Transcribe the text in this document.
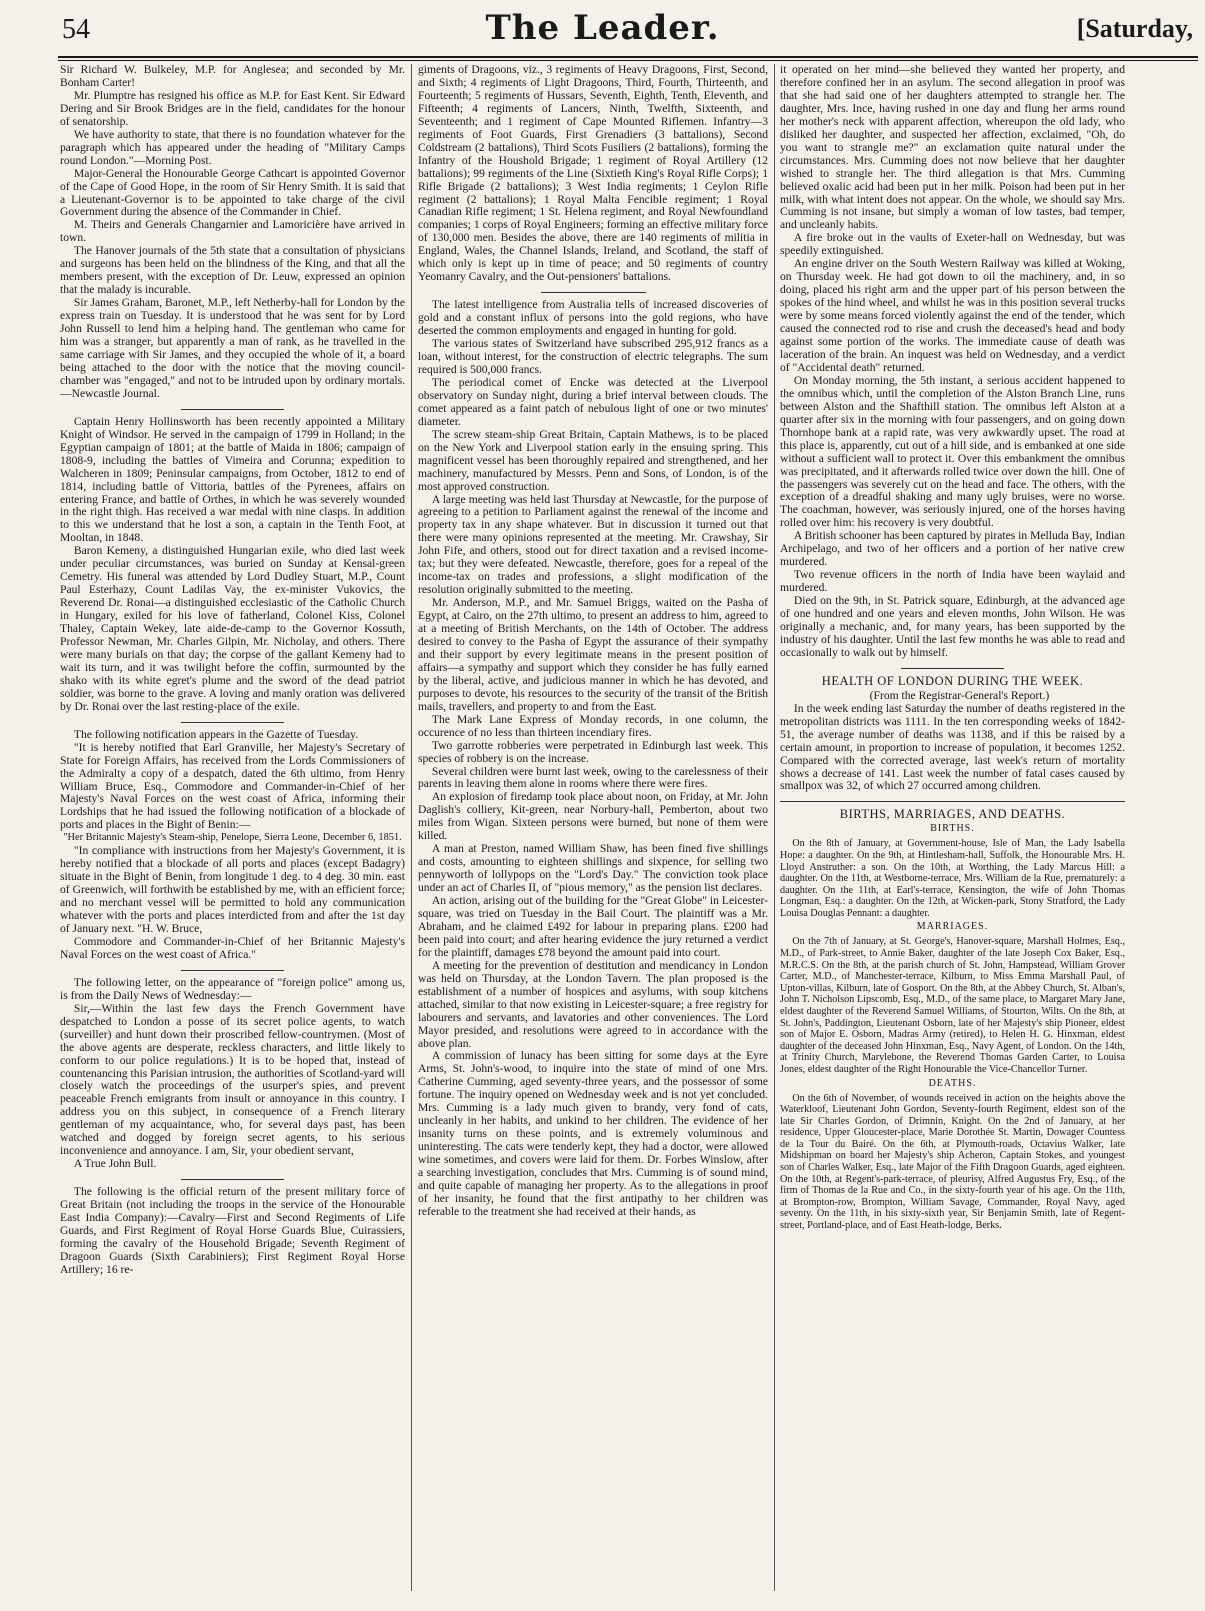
54	The Leader.	[Saturday,

Sir Richard W. Bulkeley, M.P. for Anglesea; and seconded by Mr. Bonham Carter!

Mr. Plumptre has resigned his office as M.P. for East Kent. Sir Edward Dering and Sir Brook Bridges are in the field, candidates for the honour of senatorship.

We have authority to state, that there is no foundation whatever for the paragraph which has appeared under the heading of "Military Camps round London."—Morning Post.

Major-General the Honourable George Cathcart is appointed Governor of the Cape of Good Hope, in the room of Sir Henry Smith. It is said that a Lieutenant-Governor is to be appointed to take charge of the civil Government during the absence of the Commander in Chief.

M. Theirs and Generals Changarnier and Lamoricière have arrived in town.

The Hanover journals of the 5th state that a consultation of physicians and surgeons has been held on the blindness of the King, and that all the members present, with the exception of Dr. Leuw, expressed an opinion that the malady is incurable.

Sir James Graham, Baronet, M.P., left Netherby-hall for London by the express train on Tuesday. It is understood that he was sent for by Lord John Russell to lend him a helping hand. The gentleman who came for him was a stranger, but apparently a man of rank, as he travelled in the same carriage with Sir James, and they occupied the whole of it, a board being attached to the door with the notice that the moving council-chamber was "engaged," and not to be intruded upon by ordinary mortals.—Newcastle Journal.

Captain Henry Hollinsworth has been recently appointed a Military Knight of Windsor. He served in the campaign of 1799 in Holland; in the Egyptian campaign of 1801; at the battle of Maida in 1806; campaign of 1808-9, including the battles of Vimeira and Corunna; expedition to Walcheren in 1809; Peninsular campaigns, from October, 1812 to end of 1814, including battle of Vittoria, battles of the Pyrenees, affairs on entering France, and battle of Orthes, in which he was severely wounded in the right thigh. Has received a war medal with nine clasps. In addition to this we understand that he lost a son, a captain in the Tenth Foot, at Mooltan, in 1848.

Baron Kemeny, a distinguished Hungarian exile, who died last week under peculiar circumstances, was buried on Sunday at Kensal-green Cemetry. His funeral was attended by Lord Dudley Stuart, M.P., Count Paul Esterhazy, Count Ladilas Vay, the ex-minister Vukovics, the Reverend Dr. Ronai—a distinguished ecclesiastic of the Catholic Church in Hungary, exiled for his love of fatherland, Colonel Kiss, Colonel Thaley, Captain Wekey, late aide-de-camp to the Governor Kossuth, Professor Newman, Mr. Charles Gilpin, Mr. Nicholay, and others. There were many burials on that day; the corpse of the gallant Kemeny had to wait its turn, and it was twilight before the coffin, surmounted by the shako with its white egret's plume and the sword of the dead patriot soldier, was borne to the grave. A loving and manly oration was delivered by Dr. Ronai over the last resting-place of the exile.

The following notification appears in the Gazette of Tuesday.

"It is hereby notified that Earl Granville, her Majesty's Secretary of State for Foreign Affairs, has received from the Lords Commissioners of the Admiralty a copy of a despatch, dated the 6th ultimo, from Henry William Bruce, Esq., Commodore and Commander-in-Chief of her Majesty's Naval Forces on the west coast of Africa, informing their Lordships that he had issued the following notification of a blockade of ports and places in the Bight of Benin:—

"Her Britannic Majesty's Steam-ship, Penelope, Sierra Leone, December 6, 1851.

"In compliance with instructions from her Majesty's Government, it is hereby notified that a blockade of all ports and places (except Badagry) situate in the Bight of Benin, from longitude 1 deg. to 4 deg. 30 min. east of Greenwich, will forthwith be established by me, with an efficient force; and no merchant vessel will be permitted to hold any communication whatever with the ports and places interdicted from and after the 1st day of January next. "H. W. Bruce,

Commodore and Commander-in-Chief of her Britannic Majesty's Naval Forces on the west coast of Africa."

The following letter, on the appearance of "foreign police" among us, is from the Daily News of Wednesday:—

Sir,—Within the last few days the French Government have despatched to London a posse of its secret police agents, to watch (surveiller) and hunt down their proscribed fellow-countrymen. (Most of the above agents are desperate, reckless characters, and little likely to conform to our police regulations.) It is to be hoped that, instead of countenancing this Parisian intrusion, the authorities of Scotland-yard will closely watch the proceedings of the usurper's spies, and prevent peaceable French emigrants from insult or annoyance in this country. I address you on this subject, in consequence of a French literary gentleman of my acquaintance, who, for several days past, has been watched and dogged by foreign secret agents, to his serious inconvenience and annoyance. I am, Sir, your obedient servant,

A True John Bull.

The following is the official return of the present military force of Great Britain (not including the troops in the service of the Honourable East India Company):—Cavalry—First and Second Regiments of Life Guards, and First Regiment of Royal Horse Guards Blue, Cuirassiers, forming the cavalry of the Household Brigade; Seventh Regiment of Dragoon Guards (Sixth Carabiniers); First Regiment Royal Horse Artillery; 16 re-

giments of Dragoons, viz., 3 regiments of Heavy Dragoons, First, Second, and Sixth; 4 regiments of Light Dragoons, Third, Fourth, Thirteenth, and Fourteenth; 5 regiments of Hussars, Seventh, Eighth, Tenth, Eleventh, and Fifteenth; 4 regiments of Lancers, Ninth, Twelfth, Sixteenth, and Seventeenth; and 1 regiment of Cape Mounted Riflemen. Infantry—3 regiments of Foot Guards, First Grenadiers (3 battalions), Second Coldstream (2 battalions), Third Scots Fusiliers (2 battalions), forming the Infantry of the Houshold Brigade; 1 regiment of Royal Artillery (12 battalions); 99 regiments of the Line (Sixtieth King's Royal Rifle Corps); 1 Rifle Brigade (2 battalions); 3 West India regiments; 1 Ceylon Rifle regiment (2 battalions); 1 Royal Malta Fencible regiment; 1 Royal Canadian Rifle regiment; 1 St. Helena regiment, and Royal Newfoundland companies; 1 corps of Royal Engineers; forming an effective military force of 130,000 men. Besides the above, there are 140 regiments of militia in England, Wales, the Channel Islands, Ireland, and Scotland, the staff of which only is kept up in time of peace; and 50 regiments of country Yeomanry Cavalry, and the Out-pensioners' battalions.

The latest intelligence from Australia tells of increased discoveries of gold and a constant influx of persons into the gold regions, who have deserted the common employments and engaged in hunting for gold.

The various states of Switzerland have subscribed 295,912 francs as a loan, without interest, for the construction of electric telegraphs. The sum required is 500,000 francs.

The periodical comet of Encke was detected at the Liverpool observatory on Sunday night, during a brief interval between clouds. The comet appeared as a faint patch of nebulous light of one or two minutes' diameter.

The screw steam-ship Great Britain, Captain Mathews, is to be placed on the New York and Liverpool station early in the ensuing spring. This magnificent vessel has been thoroughly repaired and strengthened, and her machinery, manufactured by Messrs. Penn and Sons, of London, is of the most approved construction.

A large meeting was held last Thursday at Newcastle, for the purpose of agreeing to a petition to Parliament against the renewal of the income and property tax in any shape whatever. But in discussion it turned out that there were many opinions represented at the meeting. Mr. Crawshay, Sir John Fife, and others, stood out for direct taxation and a revised income-tax; but they were defeated. Newcastle, therefore, goes for a repeal of the income-tax on trades and professions, a slight modification of the resolution originally submitted to the meeting.

Mr. Anderson, M.P., and Mr. Samuel Briggs, waited on the Pasha of Egypt, at Cairo, on the 27th ultimo, to present an address to him, agreed to at a meeting of British Merchants, on the 14th of October. The address desired to convey to the Pasha of Egypt the assurance of their sympathy and their support by every legitimate means in the present position of affairs—a sympathy and support which they consider he has fully earned by the liberal, active, and judicious manner in which he has devoted, and purposes to devote, his resources to the security of the transit of the British mails, travellers, and property to and from the East.

The Mark Lane Express of Monday records, in one column, the occurence of no less than thirteen incendiary fires.

Two garrotte robberies were perpetrated in Edinburgh last week. This species of robbery is on the increase.

Several children were burnt last week, owing to the carelessness of their parents in leaving them alone in rooms where there were fires.

An explosion of firedamp took place about noon, on Friday, at Mr. John Daglish's colliery, Kit-green, near Norbury-hall, Pemberton, about two miles from Wigan. Sixteen persons were burned, but none of them were killed.

A man at Preston, named William Shaw, has been fined five shillings and costs, amounting to eighteen shillings and sixpence, for selling two pennyworth of lollypops on the "Lord's Day." The conviction took place under an act of Charles II, of "pious memory," as the pension list declares.

An action, arising out of the building for the "Great Globe" in Leicester-square, was tried on Tuesday in the Bail Court. The plaintiff was a Mr. Abraham, and he claimed £492 for labour in preparing plans. £200 had been paid into court; and after hearing evidence the jury returned a verdict for the plaintiff, damages £78 beyond the amount paid into court.

A meeting for the prevention of destitution and mendicancy in London was held on Thursday, at the London Tavern. The plan proposed is the establishment of a number of hospices and asylums, with soup kitchens attached, similar to that now existing in Leicester-square; a free registry for labourers and servants, and lavatories and other conveniences. The Lord Mayor presided, and resolutions were agreed to in accordance with the above plan.

A commission of lunacy has been sitting for some days at the Eyre Arms, St. John's-wood, to inquire into the state of mind of one Mrs. Catherine Cumming, aged seventy-three years, and the possessor of some fortune. The inquiry opened on Wednesday week and is not yet concluded. Mrs. Cumming is a lady much given to brandy, very fond of cats, uncleanly in her habits, and unkind to her children. The evidence of her insanity turns on these points, and is extremely voluminous and uninteresting. The cats were tenderly kept, they had a doctor, were allowed wine sometimes, and covers were laid for them. Dr. Forbes Winslow, after a searching investigation, concludes that Mrs. Cumming is of sound mind, and quite capable of managing her property. As to the allegations in proof of her insanity, he found that the first antipathy to her children was referable to the treatment she had received at their hands, as

it operated on her mind—she believed they wanted her property, and therefore confined her in an asylum. The second allegation in proof was that she had said one of her daughters attempted to strangle her. The daughter, Mrs. Ince, having rushed in one day and flung her arms round her mother's neck with apparent affection, whereupon the old lady, who disliked her daughter, and suspected her affection, exclaimed, "Oh, do you want to strangle me?" an exclamation quite natural under the circumstances. Mrs. Cumming does not now believe that her daughter wished to strangle her. The third allegation is that Mrs. Cumming believed oxalic acid had been put in her milk. Poison had been put in her milk, with what intent does not appear. On the whole, we should say Mrs. Cumming is not insane, but simply a woman of low tastes, bad temper, and uncleanly habits.

A fire broke out in the vaults of Exeter-hall on Wednesday, but was speedily extinguished.

An engine driver on the South Western Railway was killed at Woking, on Thursday week. He had got down to oil the machinery, and, in so doing, placed his right arm and the upper part of his person between the spokes of the hind wheel, and whilst he was in this position several trucks were by some means forced violently against the end of the tender, which caused the connected rod to rise and crush the deceased's head and body against some portion of the works. The immediate cause of death was laceration of the brain. An inquest was held on Wednesday, and a verdict of "Accidental death" returned.

On Monday morning, the 5th instant, a serious accident happened to the omnibus which, until the completion of the Alston Branch Line, runs between Alston and the Shafthill station. The omnibus left Alston at a quarter after six in the morning with four passengers, and on going down Thornhope bank at a rapid rate, was very awkwardly upset. The road at this place is, apparently, cut out of a hill side, and is embanked at one side without a sufficient wall to protect it. Over this embankment the omnibus was precipitated, and it afterwards rolled twice over down the hill. One of the passengers was severely cut on the head and face. The others, with the exception of a dreadful shaking and many ugly bruises, were no worse. The coachman, however, was seriously injured, one of the horses having rolled over him: his recovery is very doubtful.

A British schooner has been captured by pirates in Melluda Bay, Indian Archipelago, and two of her officers and a portion of her native crew murdered.

Two revenue officers in the north of India have been waylaid and murdered.

Died on the 9th, in St. Patrick square, Edinburgh, at the advanced age of one hundred and one years and eleven months, John Wilson. He was originally a mechanic, and, for many years, has been supported by the industry of his daughter. Until the last few months he was able to read and occasionally to walk out by himself.

HEALTH OF LONDON DURING THE WEEK.

(From the Registrar-General's Report.)

In the week ending last Saturday the number of deaths registered in the metropolitan districts was 1111. In the ten corresponding weeks of 1842-51, the average number of deaths was 1138, and if this be raised by a certain amount, in proportion to increase of population, it becomes 1252. Compared with the corrected average, last week's return of mortality shows a decrease of 141. Last week the number of fatal cases caused by smallpox was 32, of which 27 occurred among children.

BIRTHS, MARRIAGES, AND DEATHS.
BIRTHS.

On the 8th of January, at Government-house, Isle of Man, the Lady Isabella Hope: a daughter. On the 9th, at Hintlesham-hall, Suffolk, the Honourable Mrs. H. Lloyd Anstruther: a son. On the 10th, at Worthing, the Lady Marcus Hill: a daughter. On the 11th, at Westborne-terrace, Mrs. William de la Rue, prematurely: a daughter. On the 11th, at Earl's-terrace, Kensington, the wife of John Thomas Longman, Esq.: a daughter. On the 12th, at Wicken-park, Stony Stratford, the Lady Louisa Douglas Pennant: a daughter.

MARRIAGES.

On the 7th of January, at St. George's, Hanover-square, Marshall Holmes, Esq., M.D., of Park-street, to Annie Baker, daughter of the late Joseph Cox Baker, Esq., M.R.C.S. On the 8th, at the parish church of St. John, Hampstead, William Grover Carter, M.D., of Manchester-terrace, Kilburn, to Miss Emma Marshall Paul, of Upton-villas, Kilburn, late of Gosport. On the 8th, at the Abbey Church, St. Alban's, John T. Nicholson Lipscomb, Esq., M.D., of the same place, to Margaret Mary Jane, eldest daughter of the Reverend Samuel Williams, of Stourton, Wilts. On the 8th, at St. John's, Paddington, Lieutenant Osborn, late of her Majesty's ship Pioneer, eldest son of Major E. Osborn, Madras Army (retired), to Helen H. G. Hinxman, eldest daughter of the deceased John Hinxman, Esq., Navy Agent, of London. On the 14th, at Trinity Church, Marylebone, the Reverend Thomas Garden Carter, to Louisa Jones, eldest daughter of the Right Honourable the Vice-Chancellor Turner.

DEATHS.

On the 6th of November, of wounds received in action on the heights above the Waterkloof, Lieutenant John Gordon, Seventy-fourth Regiment, eldest son of the late Sir Charles Gordon, of Drimnin, Knight. On the 2nd of January, at her residence, Upper Gloucester-place, Marie Dorothée St. Martin, Dowager Countess de la Tour du Bairé. On the 6th, at Plymouth-roads, Octavius Walker, late Midshipman on board her Majesty's ship Acheron, Captain Stokes, and youngest son of Charles Walker, Esq., late Major of the Fifth Dragoon Guards, aged eighteen. On the 10th, at Regent's-park-terrace, of pleurisy, Alfred Augustus Fry, Esq., of the firm of Thomas de la Rue and Co., in the sixty-fourth year of his age. On the 11th, at Brompton-row, Brompton, William Savage, Commander, Royal Navy, aged seventy. On the 11th, in his sixty-sixth year, Sir Benjamin Smith, late of Regent-street, Portland-place, and of East Heath-lodge, Berks.
